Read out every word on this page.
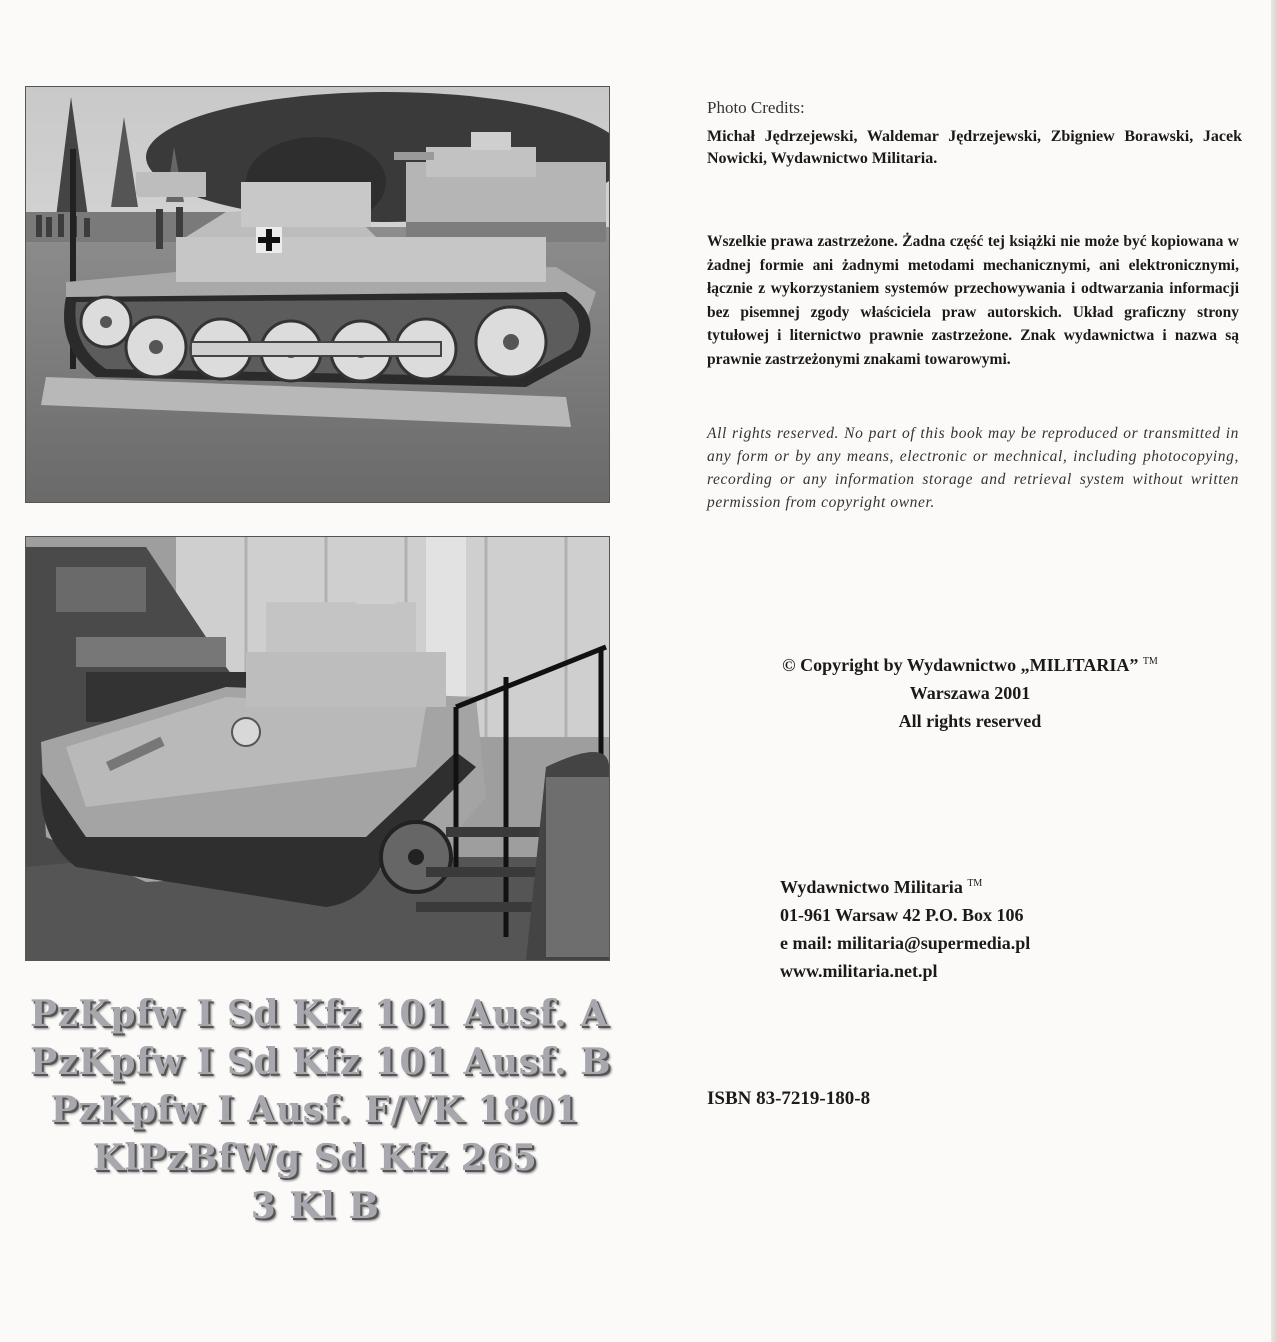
PzKpfw I Sd Kfz 101 Ausf. A
PzKpfw I Sd Kfz 101 Ausf. B
PzKpfw I Ausf. F/VK 1801
KlPzBfWg Sd Kfz 265
3 Kl B
Photo Credits:
Michał Jędrzejewski, Waldemar Jędrzejewski, Zbigniew Borawski, Jacek Nowicki, Wydawnictwo Militaria.
Wszelkie prawa zastrzeżone. Żadna część tej książki nie może być kopiowana w żadnej formie ani żadnymi metodami mechanicznymi, ani elektronicznymi, łącznie z wykorzystaniem systemów przechowywania i odtwarzania informacji bez pisemnej zgody właściciela praw autorskich. Układ graficzny strony tytułowej i liternictwo prawnie zastrzeżone. Znak wydawnictwa i nazwa są prawnie zastrzeżonymi znakami towarowymi.
All rights reserved. No part of this book may be reproduced or transmitted in any form or by any means, electronic or mechnical, including photocopying, recording or any information storage and retrieval system without written permission from copyright owner.
© Copyright by Wydawnictwo „MILITARIA” ™
Warszawa 2001
All rights reserved
Wydawnictwo Militaria ™
01-961 Warsaw 42 P.O. Box 106
e mail: militaria@supermedia.pl
www.militaria.net.pl
ISBN 83-7219-180-8
